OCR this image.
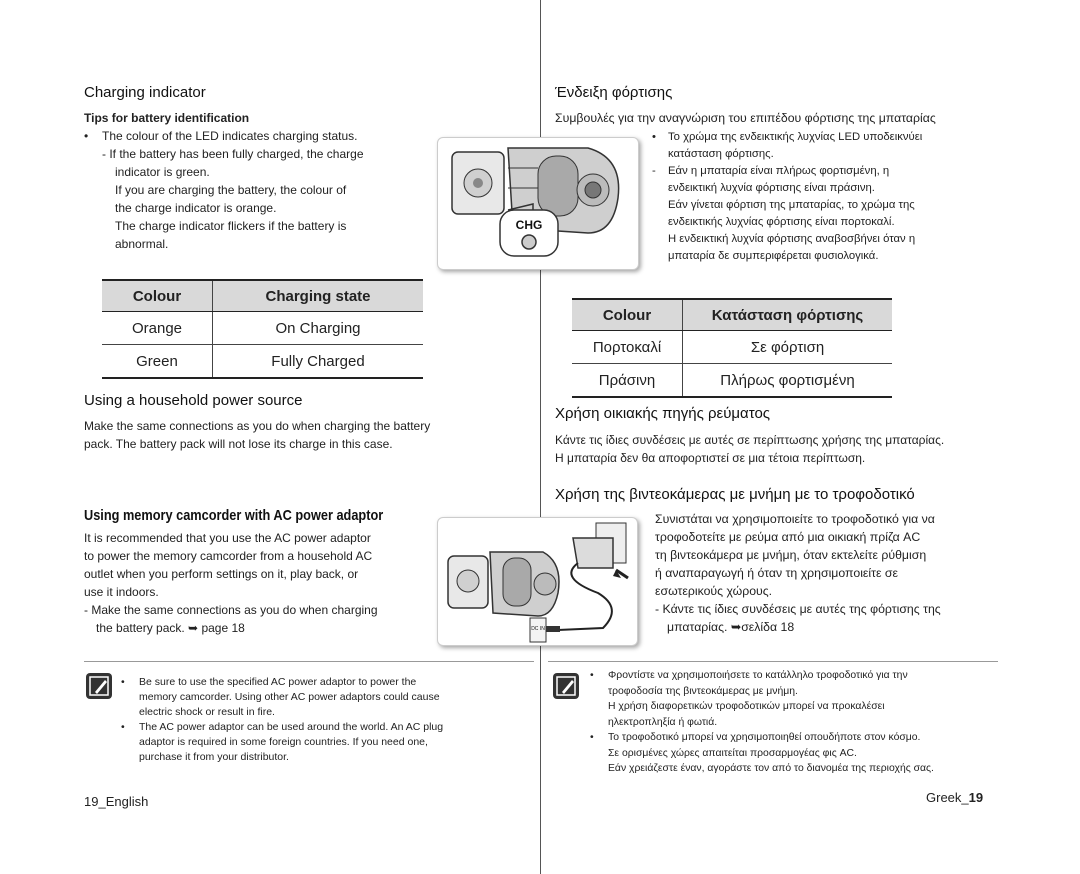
Charging indicator
Tips for battery identification
• The colour of the LED indicates charging status.
- If the battery has been fully charged, the charge
indicator is green.
If you are charging the battery, the colour of
the charge indicator is orange.
The charge indicator flickers if the battery is
abnormal.
Colour	Charging state
Orange	On Charging
Green	Fully Charged
Using a household power source
Make the same connections as you do when charging the battery
pack. The battery pack will not lose its charge in this case.
Using memory camcorder with AC power adaptor
It is recommended that you use the AC power adaptor
to power the memory camcorder from a household AC
outlet when you perform settings on it, play back, or
use it indoors.
- Make the same connections as you do when charging
the battery pack. ➥ page 18
• Be sure to use the specified AC power adaptor to power the
memory camcorder. Using other AC power adaptors could cause
electric shock or result in fire.
• The AC power adaptor can be used around the world. An AC plug
adaptor is required in some foreign countries. If you need one,
purchase it from your distributor.
19_English
CHG
DC IN
Ένδειξη φόρτισης
Συμβουλές για την αναγνώριση του επιπέδου φόρτισης της μπαταρίας
• Το χρώμα της ενδεικτικής λυχνίας LED υποδεικνύει
κατάσταση φόρτισης.
- Εάν η μπαταρία είναι πλήρως φορτισμένη, η
ενδεικτική λυχνία φόρτισης είναι πράσινη.
Εάν γίνεται φόρτιση της μπαταρίας, το χρώμα της
ενδεικτικής λυχνίας φόρτισης είναι πορτοκαλί.
Η ενδεικτική λυχνία φόρτισης αναβοσβήνει όταν η
μπαταρία δε συμπεριφέρεται φυσιολογικά.
Colour	Κατάσταση φόρτισης
Πορτοκαλί	Σε φόρτιση
Πράσινη	Πλήρως φορτισμένη
Χρήση οικιακής πηγής ρεύματος
Κάντε τις ίδιες συνδέσεις με αυτές σε περίπτωσης χρήσης της μπαταρίας.
Η μπαταρία δεν θα αποφορτιστεί σε μια τέτοια περίπτωση.
Χρήση της βιντεοκάμερας με μνήμη με το τροφοδοτικό
Συνιστάται να χρησιμοποιείτε το τροφοδοτικό για να
τροφοδοτείτε με ρεύμα από μια οικιακή πρίζα AC
τη βιντεοκάμερα με μνήμη, όταν εκτελείτε ρύθμιση
ή αναπαραγωγή ή όταν τη χρησιμοποιείτε σε
εσωτερικούς χώρους.
- Κάντε τις ίδιες συνδέσεις με αυτές της φόρτισης της
μπαταρίας. ➥σελίδα 18
• Φροντίστε να χρησιμοποιήσετε το κατάλληλο τροφοδοτικό για την
τροφοδοσία της βιντεοκάμερας με μνήμη.
Η χρήση διαφορετικών τροφοδοτικών μπορεί να προκαλέσει
ηλεκτροπληξία ή φωτιά.
• Το τροφοδοτικό μπορεί να χρησιμοποιηθεί οπουδήποτε στον κόσμο.
Σε ορισμένες χώρες απαιτείται προσαρμογέας φις AC.
Εάν χρειάζεστε έναν, αγοράστε τον από το διανομέα της περιοχής σας.
Greek_19
